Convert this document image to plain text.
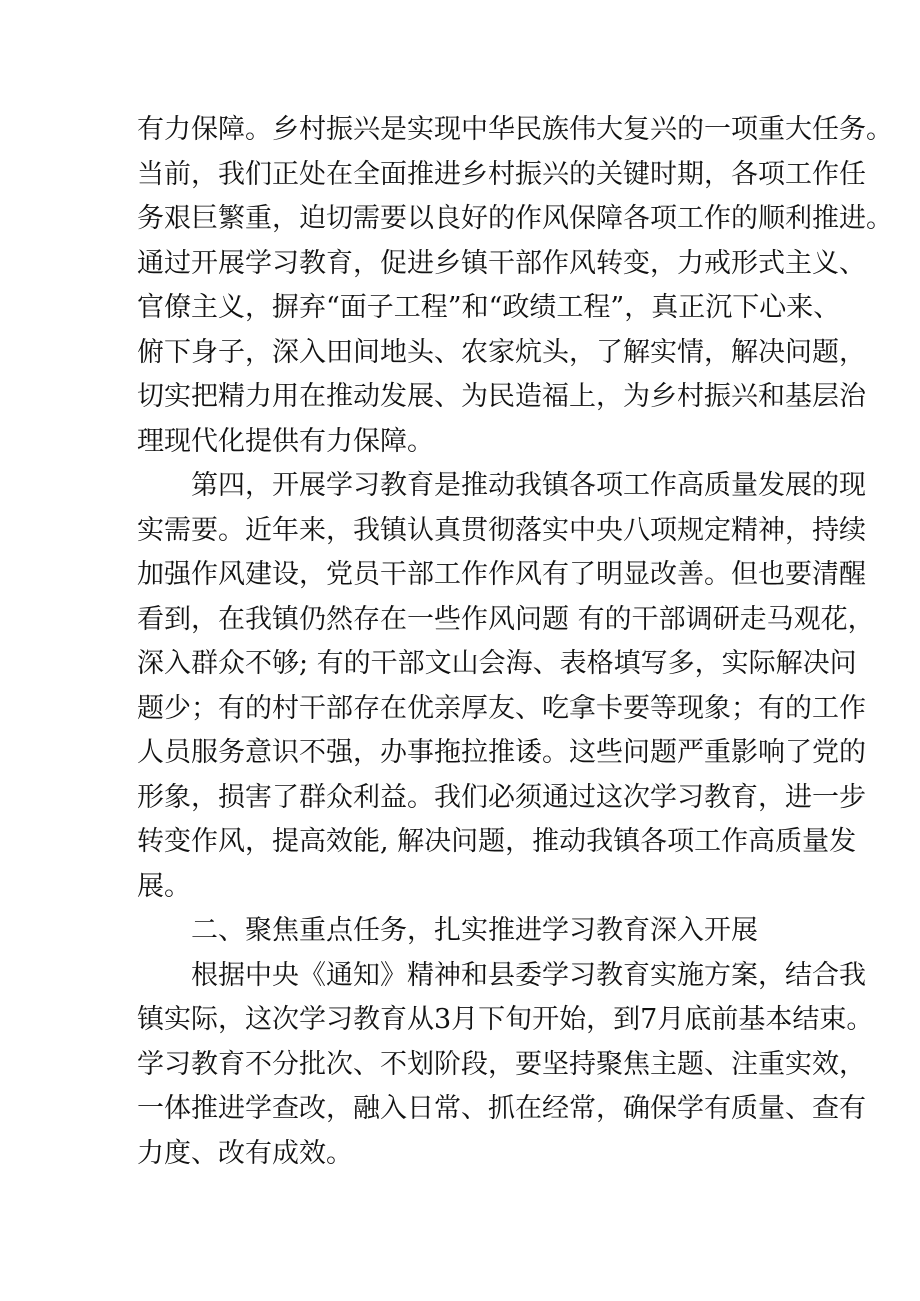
有力保障。乡村振兴是实现中华民族伟大复兴的一项重大任务。
当前，我们正处在全面推进乡村振兴的关键时期，各项工作任
务艰巨繁重，迫切需要以良好的作风保障各项工作的顺利推进。
通过开展学习教育，促进乡镇干部作风转变，力戒形式主义、
官僚主义，摒弃“面子工程”和“政绩工程”，真正沉下心来、
俯下身子，深入田间地头、农家炕头，了解实情，解决问题，
切实把精力用在推动发展、为民造福上，为乡村振兴和基层治
理现代化提供有力保障。
第四，开展学习教育是推动我镇各项工作高质量发展的现
实需要。近年来，我镇认真贯彻落实中央八项规定精神，持续
加强作风建设，党员干部工作作风有了明显改善。但也要清醒
看到，在我镇仍然存在一些作风问题 有的干部调研走马观花，
深入群众不够; 有的干部文山会海、表格填写多，实际解决问
题少；有的村干部存在优亲厚友、吃拿卡要等现象；有的工作
人员服务意识不强，办事拖拉推诿。这些问题严重影响了党的
形象，损害了群众利益。我们必须通过这次学习教育，进一步
转变作风，提高效能, 解决问题，推动我镇各项工作高质量发
展。
二、聚焦重点任务，扎实推进学习教育深入开展
根据中央《通知》精神和县委学习教育实施方案，结合我
镇实际，这次学习教育从3月下旬开始，到7月底前基本结束。
学习教育不分批次、不划阶段，要坚持聚焦主题、注重实效，
一体推进学查改，融入日常、抓在经常，确保学有质量、查有
力度、改有成效。
